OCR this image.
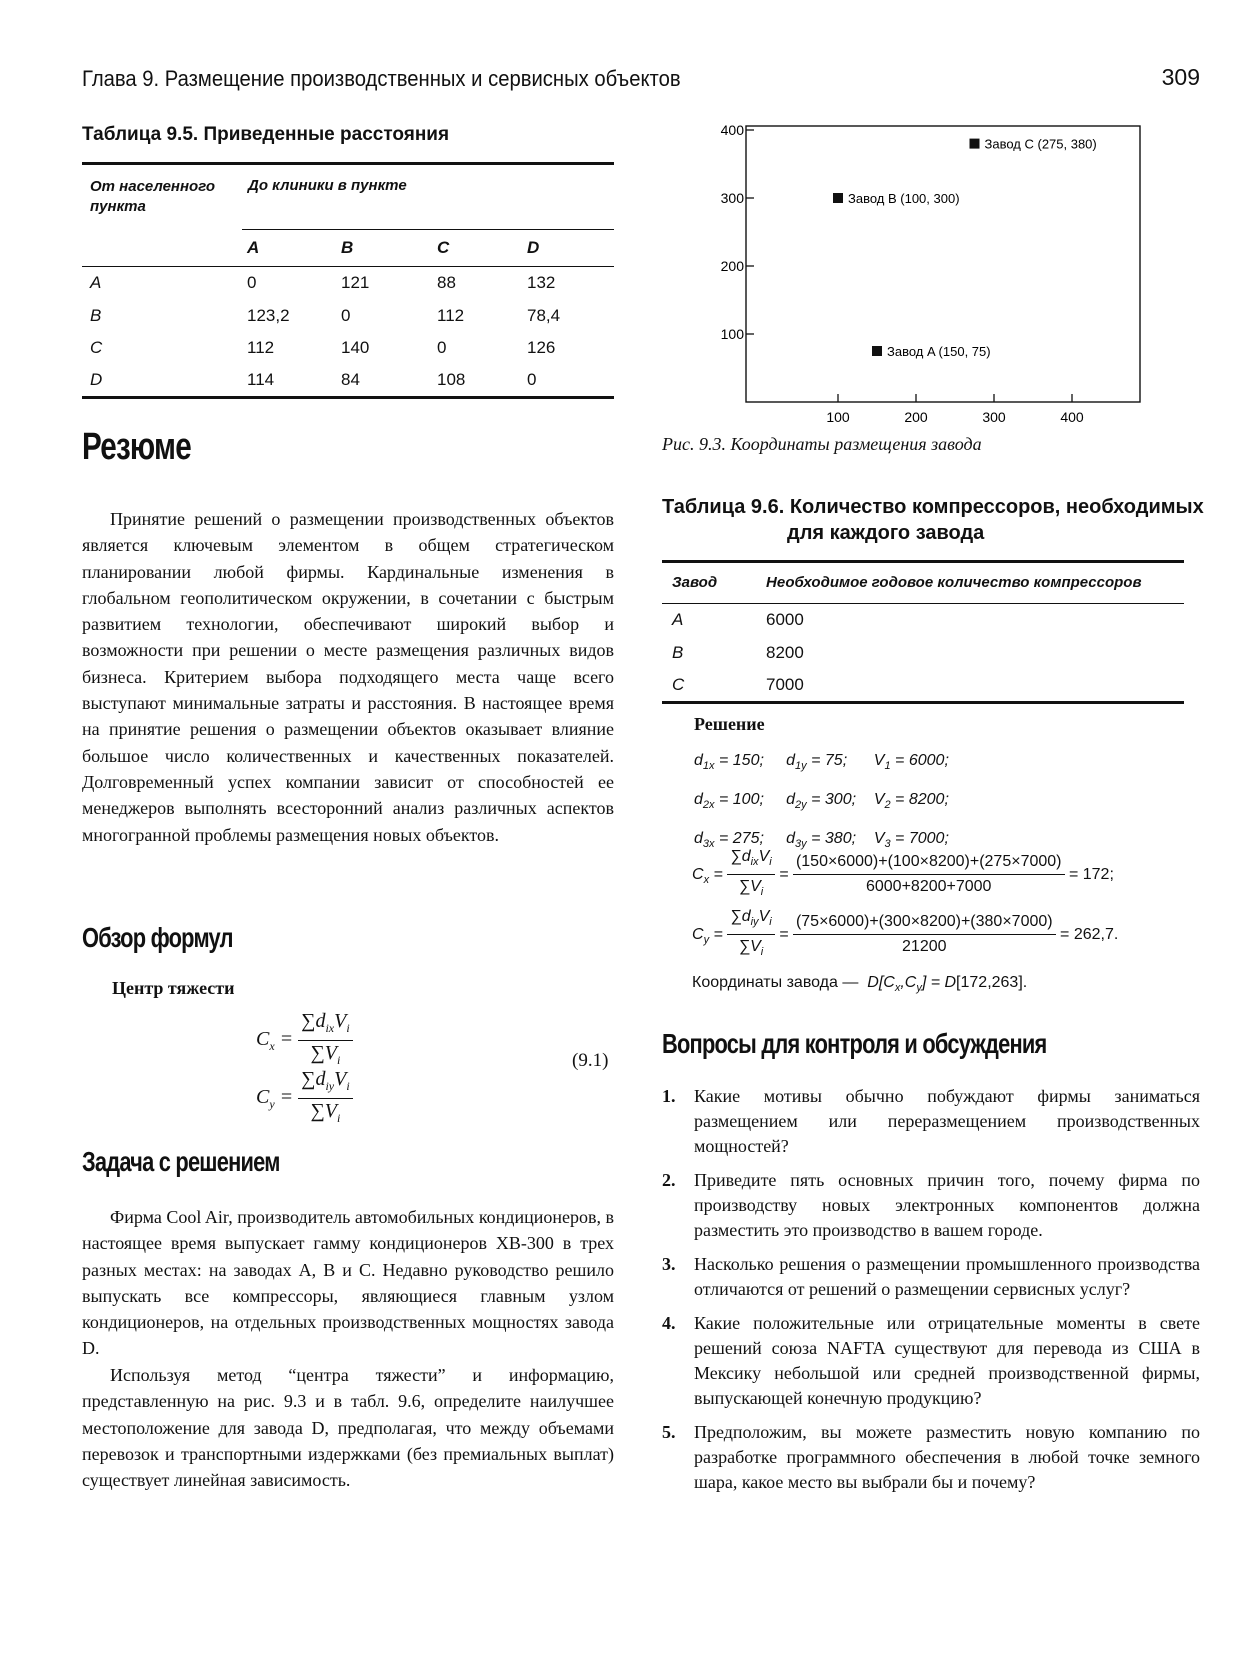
Глава 9. Размещение производственных и сервисных объектов	309
Таблица 9.5. Приведенные расстояния
От населенного пункта
До клиники в пункте
	A	B	C	D
A	0	121	88	132
B	123,2	0	112	78,4
C	112	140	0	126
D	114	84	108	0
Резюме
Принятие решений о размещении производственных объектов является ключевым элементом в общем стратегическом планировании любой фирмы. Кардинальные изменения в глобальном геополитическом окружении, в сочетании с быстрым развитием технологии, обеспечивают широкий выбор и возможности при решении о месте размещения различных видов бизнеса. Критерием выбора подходящего места чаще всего выступают минимальные затраты и расстояния. В настоящее время на принятие решения о размещении объектов оказывает влияние большое число количественных и качественных показателей. Долговременный успех компании зависит от способностей ее менеджеров выполнять всесторонний анализ различных аспектов многогранной проблемы размещения новых объектов.
Обзор формул
Центр тяжести
$C_x = \frac{\sum d_{ix}V_i}{\sum V_i}$
$C_y = \frac{\sum d_{iy}V_i}{\sum V_i}$
(9.1)
Задача с решением
Фирма Cool Air, производитель автомобильных кондиционеров, в настоящее время выпускает гамму кондиционеров ХВ-300 в трех разных местах: на заводах A, B и C. Недавно руководство решило выпускать все компрессоры, являющиеся главным узлом кондиционеров, на отдельных производственных мощностях завода D.
Используя метод “центра тяжести” и информацию, представленную на рис. 9.3 и в табл. 9.6, определите наилучшее местоположение для завода D, предполагая, что между объемами перевозок и транспортными издержками (без премиальных выплат) существует линейная зависимость.
100
200
300
400
100	200	300	400
Завод A (150, 75)
Завод B (100, 300)
Завод C (275, 380)
Рис. 9.3. Координаты размещения завода
Таблица 9.6. Количество компрессоров, необходимых
для каждого завода
Завод	Необходимое годовое количество компрессоров
A	6000
B	8200
C	7000
Решение
$d_{1x} = 150$;     $d_{1y} = 75$;      $V_1 = 6000$;
$d_{2x} = 100$;     $d_{2y} = 300$;    $V_2 = 8200$;
$d_{3x} = 275$;     $d_{3y} = 380$;    $V_3 = 7000$;
$C_x = \frac{\sum d_{ix}V_i}{\sum V_i} = \frac{(150\times 6000)+(100\times 8200)+(275\times 7000)}{6000+8200+7000} = 172$;
$C_y = \frac{\sum d_{iy}V_i}{\sum V_i} = \frac{(75\times 6000)+(300\times 8200)+(380\times 7000)}{21200} = 262,7$.
Координаты завода —  $D[C_x,C_y] = D[172,263]$.
Вопросы для контроля и обсуждения
1. Какие мотивы обычно побуждают фирмы заниматься размещением или переразмещением производственных мощностей?
2. Приведите пять основных причин того, почему фирма по производству новых электронных компонентов должна разместить это производство в вашем городе.
3. Насколько решения о размещении промышленного производства отличаются от решений о размещении сервисных услуг?
4. Какие положительные или отрицательные моменты в свете решений союза NAFTA существуют для перевода из США в Мексику небольшой или средней производственной фирмы, выпускающей конечную продукцию?
5. Предположим, вы можете разместить новую компанию по разработке программного обеспечения в любой точке земного шара, какое место вы выбрали бы и почему?
